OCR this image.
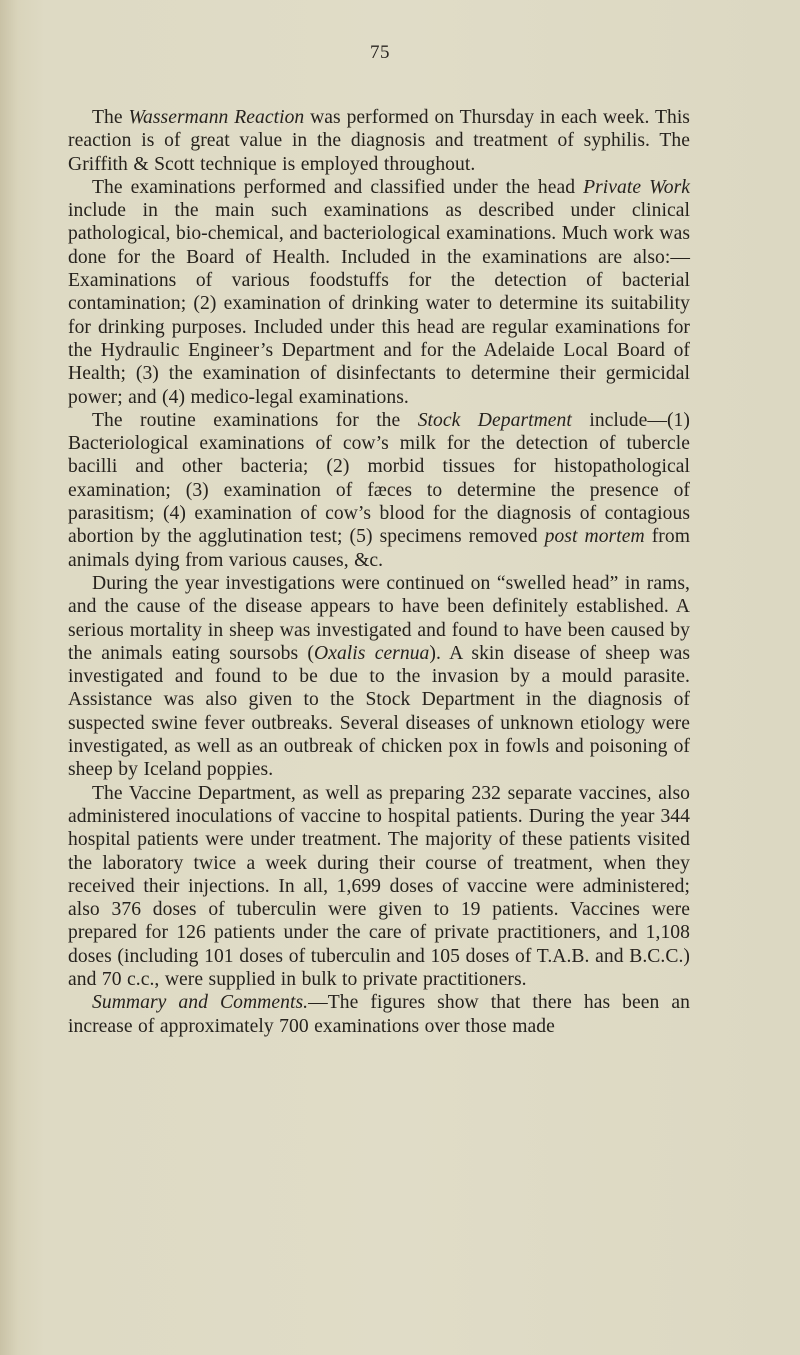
75

The Wassermann Reaction was performed on Thursday in each week. This reaction is of great value in the diagnosis and treatment of syphilis. The Griffith & Scott technique is employed throughout.

The examinations performed and classified under the head Private Work include in the main such examinations as described under clinical pathological, bio-chemical, and bacteriological examinations. Much work was done for the Board of Health. Included in the examinations are also:—Examinations of various foodstuffs for the detection of bacterial contamination; (2) examination of drinking water to determine its suitability for drinking purposes. Included under this head are regular examinations for the Hydraulic Engineer’s Department and for the Adelaide Local Board of Health; (3) the examination of disinfectants to determine their germicidal power; and (4) medico-legal examinations.

The routine examinations for the Stock Department include—(1) Bacteriological examinations of cow’s milk for the detection of tubercle bacilli and other bacteria; (2) morbid tissues for histopathological examination; (3) examination of fæces to determine the presence of parasitism; (4) examination of cow’s blood for the diagnosis of contagious abortion by the agglutination test; (5) specimens removed post mortem from animals dying from various causes, &c.

During the year investigations were continued on “swelled head” in rams, and the cause of the disease appears to have been definitely established. A serious mortality in sheep was investigated and found to have been caused by the animals eating soursobs (Oxalis cernua). A skin disease of sheep was investigated and found to be due to the invasion by a mould parasite. Assistance was also given to the Stock Department in the diagnosis of suspected swine fever outbreaks. Several diseases of unknown etiology were investigated, as well as an outbreak of chicken pox in fowls and poisoning of sheep by Iceland poppies.

The Vaccine Department, as well as preparing 232 separate vaccines, also administered inoculations of vaccine to hospital patients. During the year 344 hospital patients were under treatment. The majority of these patients visited the laboratory twice a week during their course of treatment, when they received their injections. In all, 1,699 doses of vaccine were administered; also 376 doses of tuberculin were given to 19 patients. Vaccines were prepared for 126 patients under the care of private practitioners, and 1,108 doses (including 101 doses of tuberculin and 105 doses of T.A.B. and B.C.C.) and 70 c.c., were supplied in bulk to private practitioners.

Summary and Comments.—The figures show that there has been an increase of approximately 700 examinations over those made
